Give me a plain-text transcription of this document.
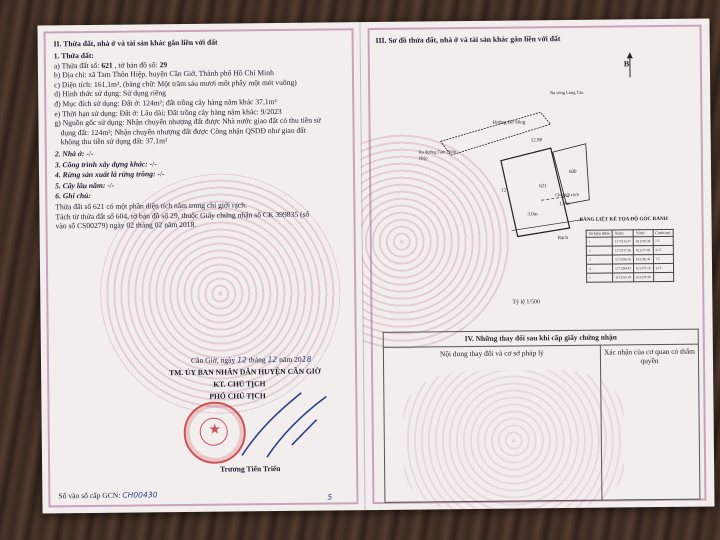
II. Thửa đất, nhà ở và tài sản khác gắn liền với đất
1. Thửa đất:
a) Thửa đất số: 621 , tờ bản đồ số: 29
b) Địa chỉ: xã Tam Thôn Hiệp, huyện Cần Giờ, Thành phố Hồ Chí Minh
c) Diện tích: 161,1m², (bằng chữ: Một trăm sáu mươi mốt phẩy một mét vuông)
d) Hình thức sử dụng: Sử dụng riêng
đ) Mục đích sử dụng: Đất ở: 124m²; đất trồng cây hàng năm khác 37,1m²
e) Thời hạn sử dụng: Đất ở: Lâu dài; Đất trồng cây hàng năm khác: 9/2023
g) Nguồn gốc sử dụng: Nhận chuyển nhượng đất được Nhà nước giao đất có thu tiền sử
dụng đất: 124m²; Nhận chuyển nhượng đất được Công nhận QSDĐ như giao đất
không thu tiền sử dụng đất: 37,1m²
2. Nhà ở: -/-
3. Công trình xây dựng khác: -/-
4. Rừng sản xuất là rừng trồng: -/-
5. Cây lâu năm: -/-
6. Ghi chú:
Thửa đất số 621 có một phần diện tích nằm trong chỉ giới rạch.
Tách từ thửa đất số 604, tờ bản đồ số 29, thuộc Giấy chứng nhận số CK 399835 (số
vào sổ CS00279) ngày 02 tháng 02 năm 2018.
Cần Giờ, ngày 12 tháng 12 năm 2018
TM. ỦY BAN NHÂN DÂN HUYỆN CẦN GIỜ
KT. CHỦ TỊCH
PHÓ CHỦ TỊCH
★
Trương Tiến Triển
Số vào sổ cấp GCN: CH00430	5
III. Sơ đồ thửa đất, nhà ở và tài sản khác gắn liền với đất
B
Đường Bờ Sông
Ra đường Tam Thôn Hiệp
Ra sông Lòng Tàu
621
600
Chỉ giới rạch
Rạch
12
12.98
3.0m
1.0m
Tỷ lệ 1/500
BẢNG LIỆT KÊ TỌA ĐỘ GÓC RANH
Số hiệu điểm	X(m)	Y(m)	Cạnh (m)
1	1173315.47	621270.36	7.5
2	1173317.36	621277.82	21.5
3	1173296.36	621282.42	7.5
4	1173294.47	621275.16	21.5
1	1173315.47	621270.36	
IV. Những thay đổi sau khi cấp giấy chứng nhận
Nội dung thay đổi và cơ sở pháp lý	Xác nhận của cơ quan có thẩm quyền
